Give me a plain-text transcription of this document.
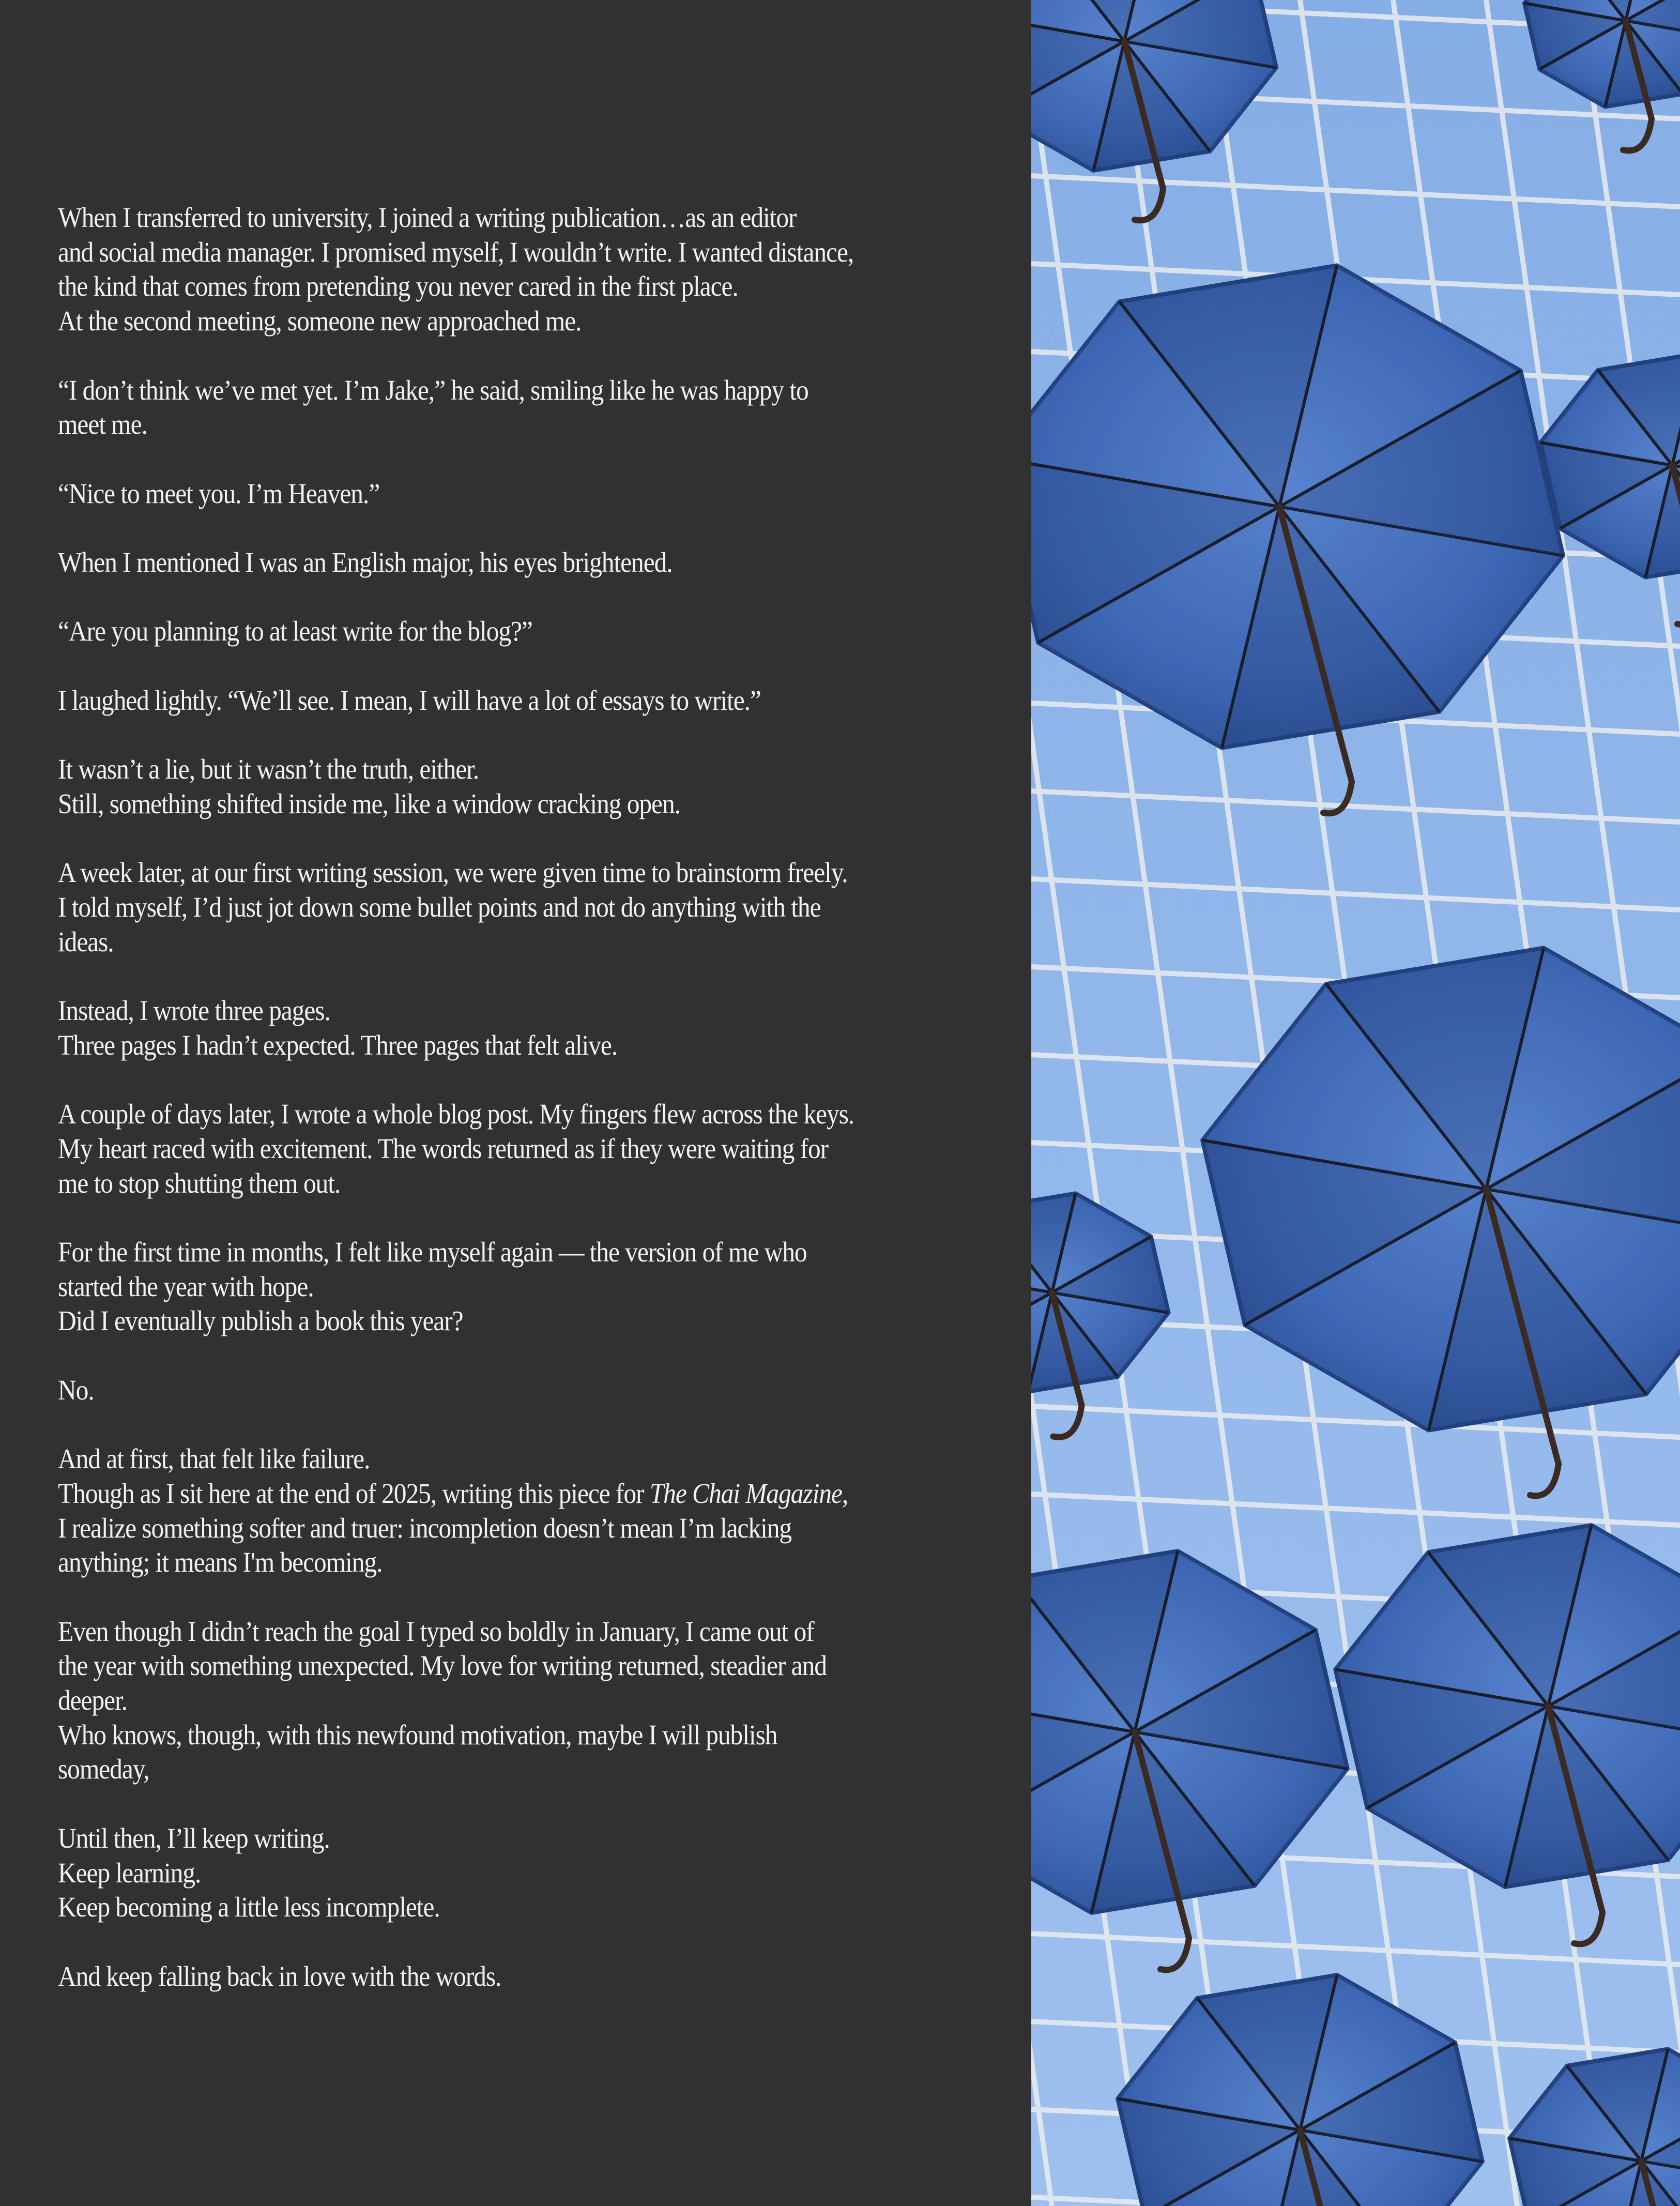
When I transferred to university, I joined a writing publication…as an editor
and social media manager. I promised myself, I wouldn’t write. I wanted distance,
the kind that comes from pretending you never cared in the first place.
At the second meeting, someone new approached me.
“I don’t think we’ve met yet. I’m Jake,” he said, smiling like he was happy to
meet me.
“Nice to meet you. I’m Heaven.”
When I mentioned I was an English major, his eyes brightened.
“Are you planning to at least write for the blog?”
I laughed lightly. “We’ll see. I mean, I will have a lot of essays to write.”
It wasn’t a lie, but it wasn’t the truth, either.
Still, something shifted inside me, like a window cracking open.
A week later, at our first writing session, we were given time to brainstorm freely.
I told myself, I’d just jot down some bullet points and not do anything with the
ideas.
Instead, I wrote three pages.
Three pages I hadn’t expected. Three pages that felt alive.
A couple of days later, I wrote a whole blog post. My fingers flew across the keys.
My heart raced with excitement. The words returned as if they were waiting for
me to stop shutting them out.
For the first time in months, I felt like myself again — the version of me who
started the year with hope.
Did I eventually publish a book this year?
No.
And at first, that felt like failure.
Though as I sit here at the end of 2025, writing this piece for The Chai Magazine,
I realize something softer and truer: incompletion doesn’t mean I’m lacking
anything; it means I'm becoming.
Even though I didn’t reach the goal I typed so boldly in January, I came out of
the year with something unexpected. My love for writing returned, steadier and
deeper.
Who knows, though, with this newfound motivation, maybe I will publish
someday,
Until then, I’ll keep writing.
Keep learning.
Keep becoming a little less incomplete.
And keep falling back in love with the words.
